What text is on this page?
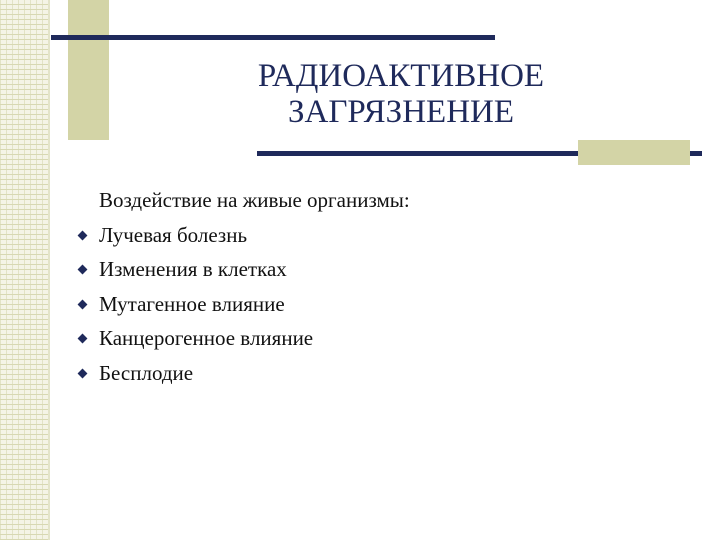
РАДИОАКТИВНОЕ
ЗАГРЯЗНЕНИЕ
Воздействие на живые организмы:
Лучевая болезнь
Изменения в клетках
Мутагенное влияние
Канцерогенное влияние
Бесплодие
